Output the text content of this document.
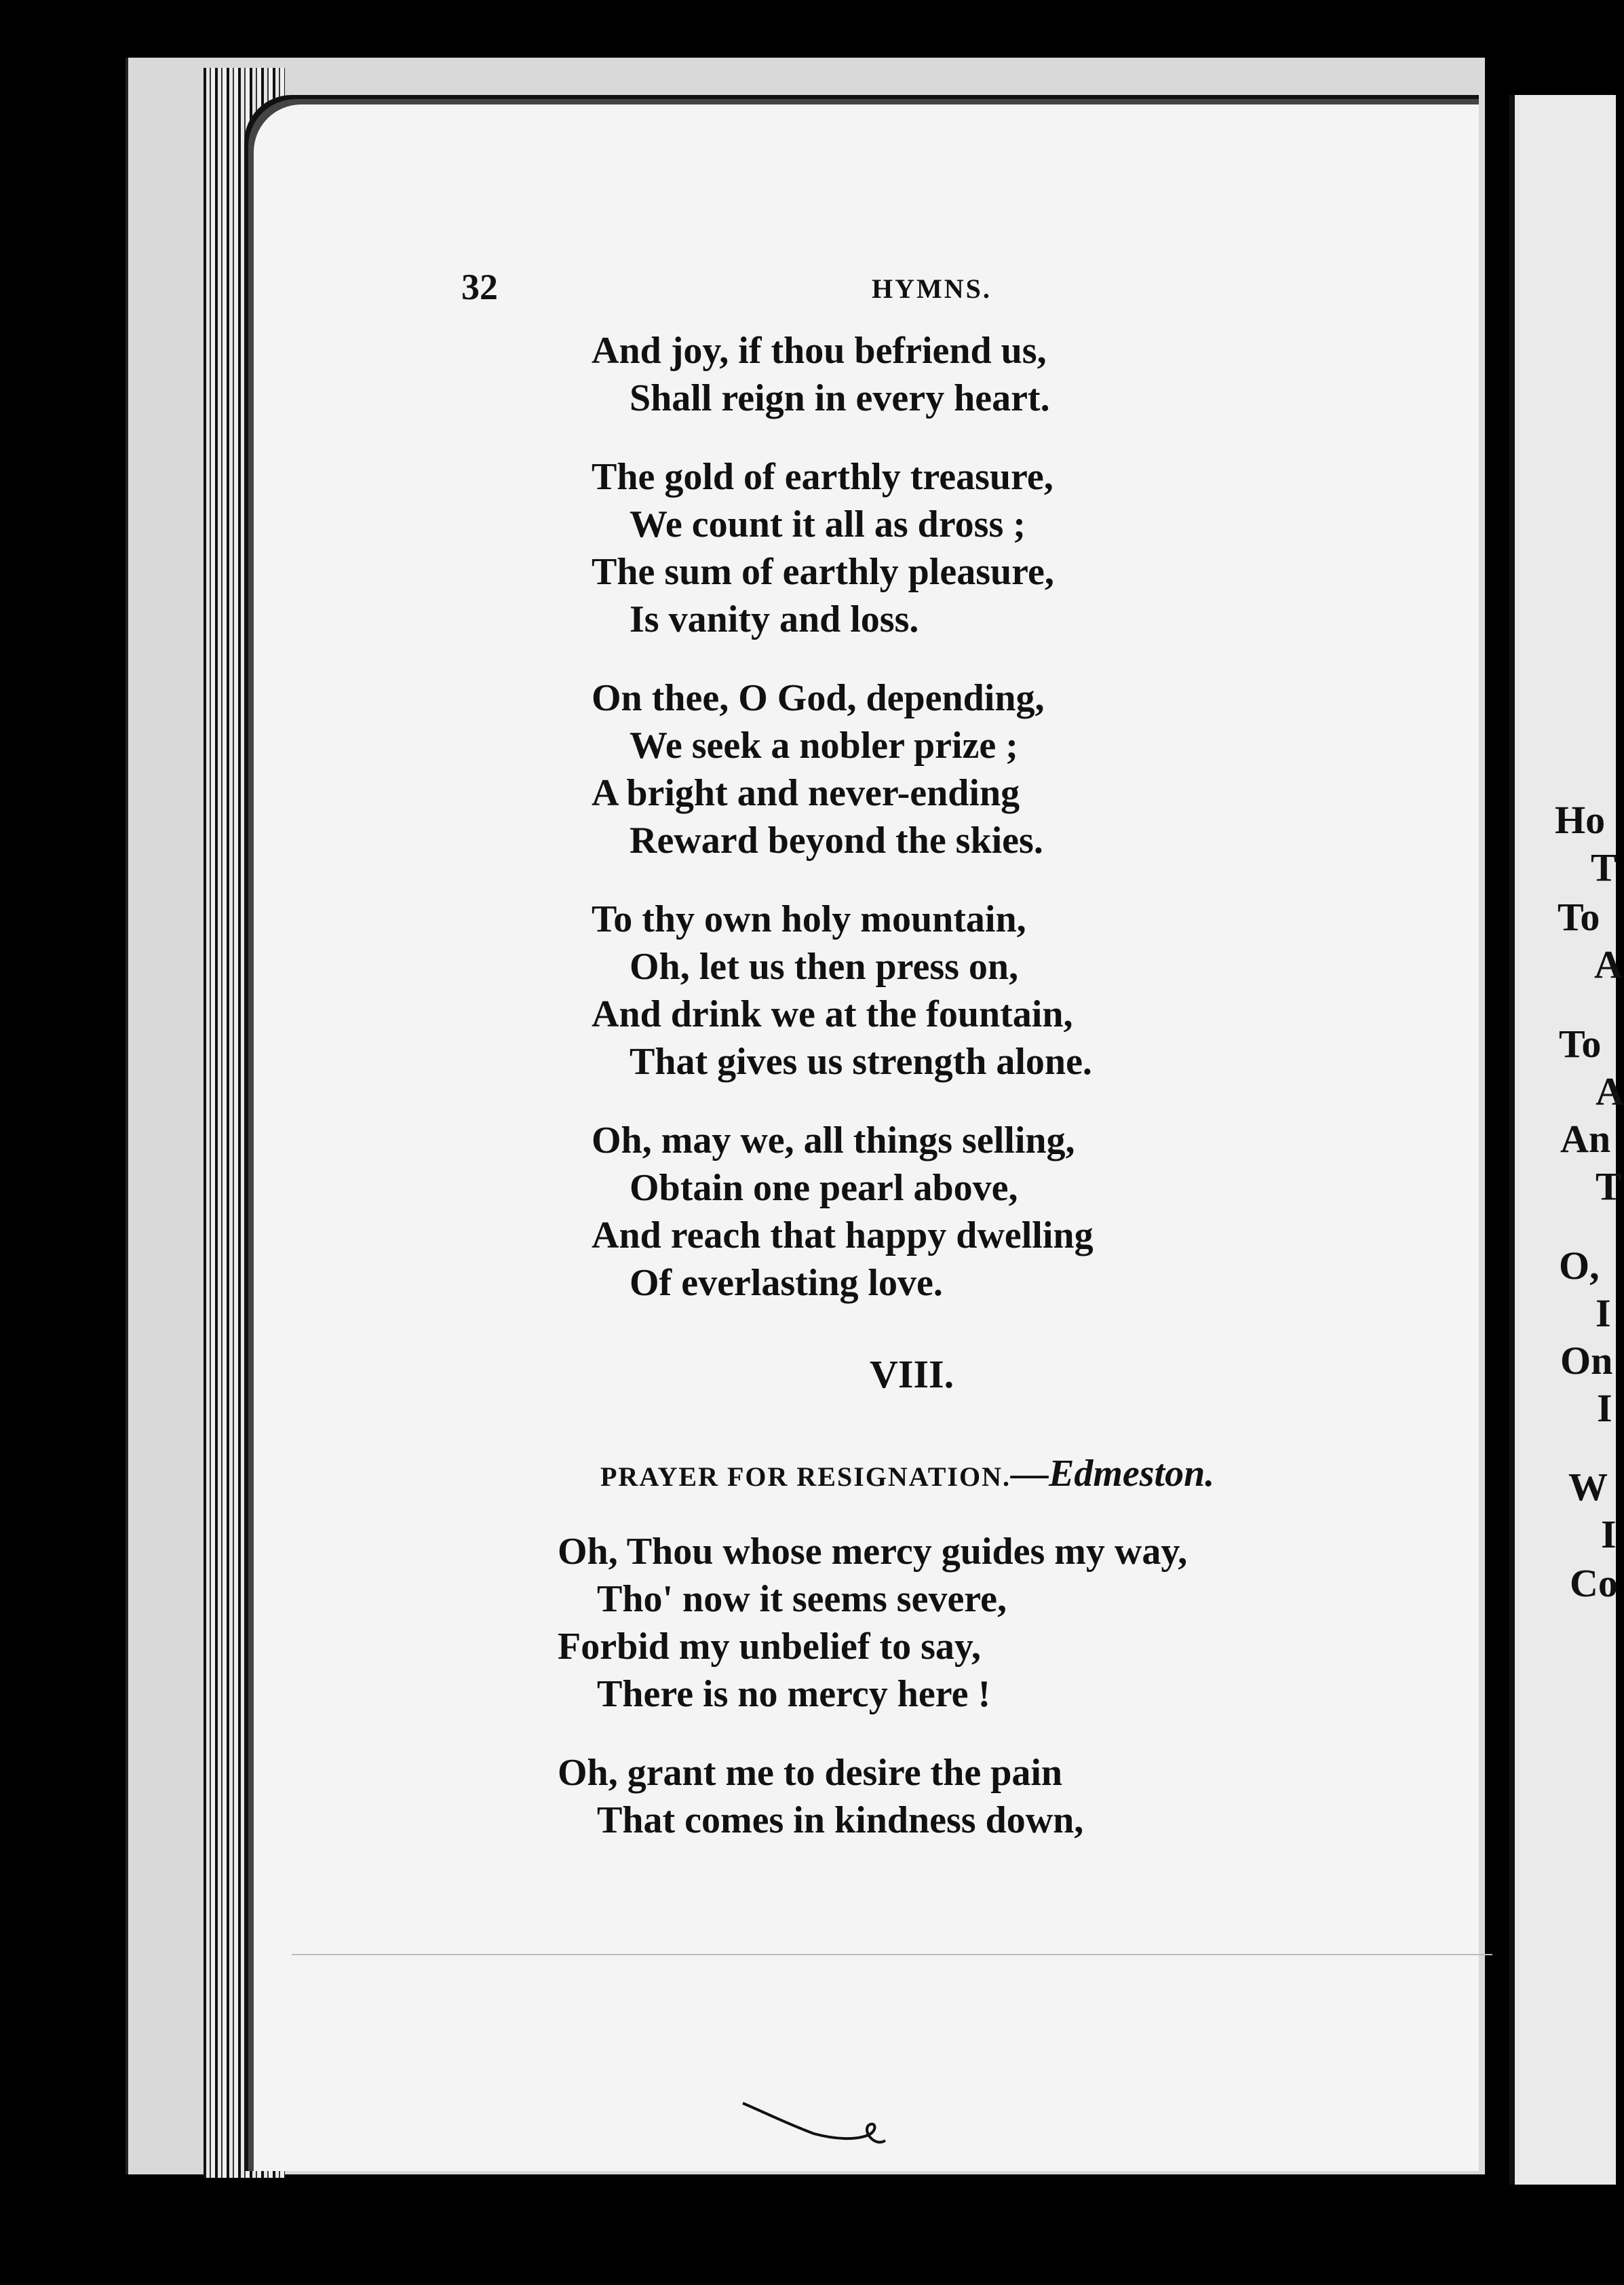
Ho
T
To
A
To
A
An
T
O,
I
On
I
W
I
Co
32	HYMNS.
And joy, if thou befriend us,
Shall reign in every heart.
The gold of earthly treasure,
We count it all as dross ;
The sum of earthly pleasure,
Is vanity and loss.
On thee, O God, depending,
We seek a nobler prize ;
A bright and never-ending
Reward beyond the skies.
To thy own holy mountain,
Oh, let us then press on,
And drink we at the fountain,
That gives us strength alone.
Oh, may we, all things selling,
Obtain one pearl above,
And reach that happy dwelling
Of everlasting love.
VIII.
PRAYER FOR RESIGNATION.—Edmeston.
Oh, Thou whose mercy guides my way,
Tho' now it seems severe,
Forbid my unbelief to say,
There is no mercy here !
Oh, grant me to desire the pain
That comes in kindness down,
